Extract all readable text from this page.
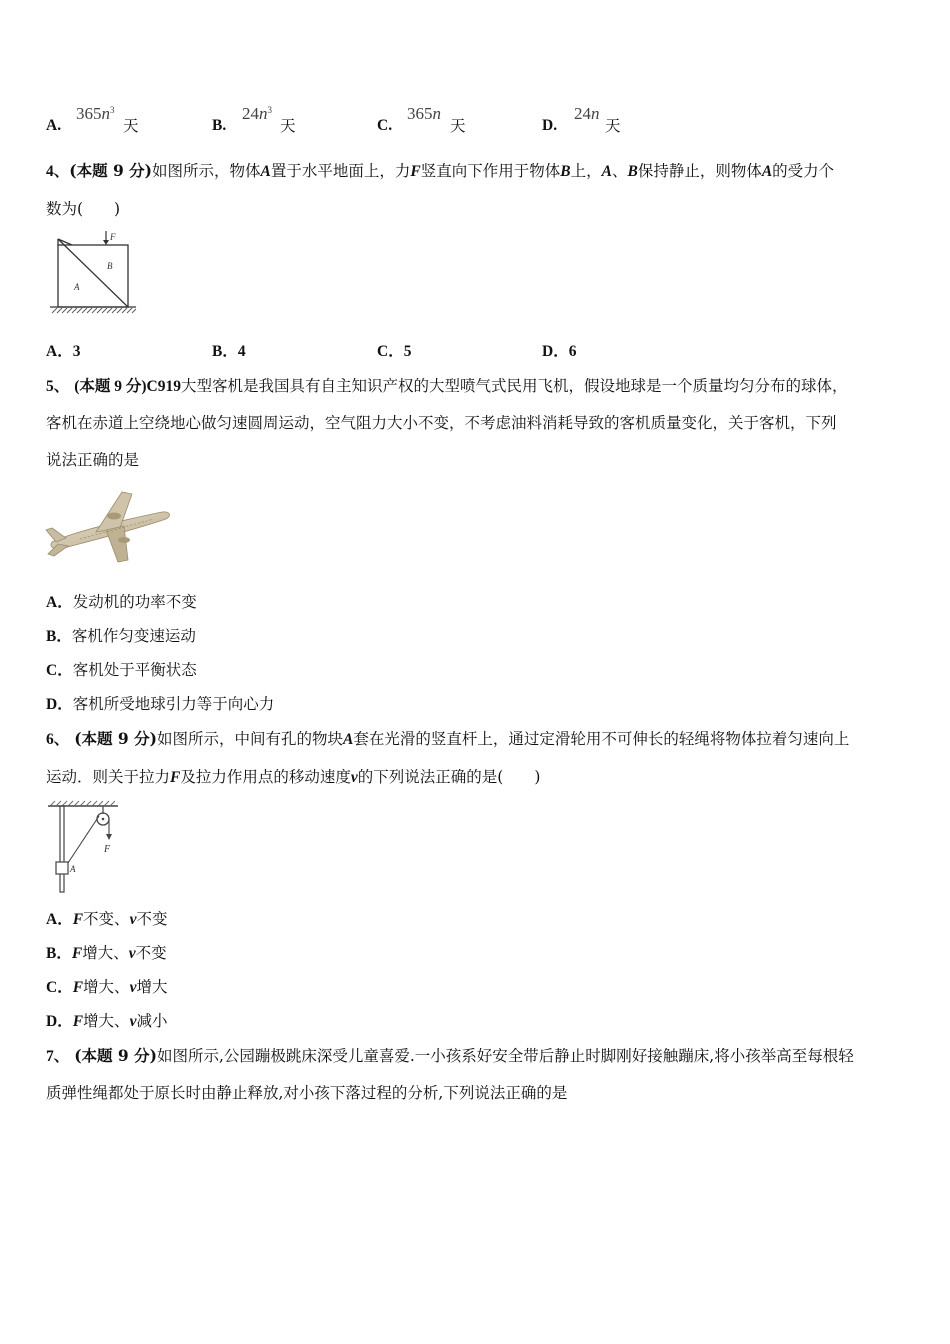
A.
$365n^3$
天	B.
$24n^3$
天	C.
365n
天	D.
24n
天
4、(本题 9 分)如图所示，物体A置于水平地面上，力F竖直向下作用于物体B上，A、B保持静止，则物体A的受力个
数为(　　)
F
B
A
A．3	B．4	C．5	D．6
5、 (本题 9 分)C919大型客机是我国具有自主知识产权的大型喷气式民用飞机，假设地球是一个质量均匀分布的球体，
客机在赤道上空绕地心做匀速圆周运动，空气阻力大小不变，不考虑油料消耗导致的客机质量变化，关于客机，下列
说法正确的是
A．发动机的功率不变
B．客机作匀变速运动
C．客机处于平衡状态
D．客机所受地球引力等于向心力
6、 (本题 9 分)如图所示，中间有孔的物块A套在光滑的竖直杆上，通过定滑轮用不可伸长的轻绳将物体拉着匀速向上
运动．则关于拉力F及拉力作用点的移动速度v的下列说法正确的是(　　)
F
A
A．F不变、v不变
B．F增大、v不变
C．F增大、v增大
D．F增大、v减小
7、 (本题 9 分)如图所示,公园蹦极跳床深受儿童喜爱.一小孩系好安全带后静止时脚刚好接触蹦床,将小孩举高至每根轻
质弹性绳都处于原长时由静止释放,对小孩下落过程的分析,下列说法正确的是
